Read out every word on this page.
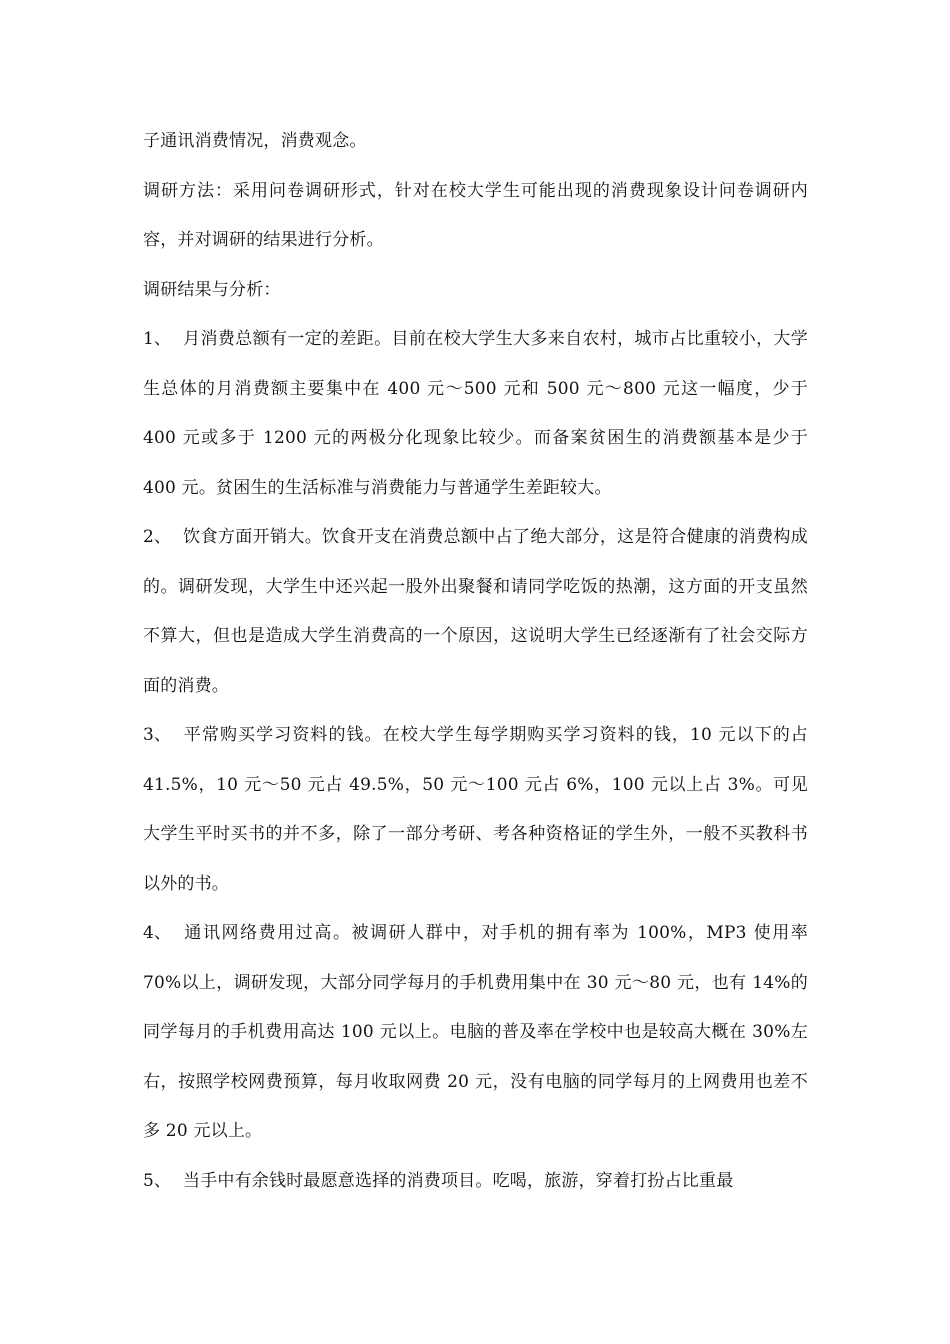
子通讯消费情况，消费观念。

调研方法：采用问卷调研形式，针对在校大学生可能出现的消费现象设计问卷调研内容，并对调研的结果进行分析。

调研结果与分析：

1、 月消费总额有一定的差距。目前在校大学生大多来自农村，城市占比重较小，大学生总体的月消费额主要集中在 400 元～500 元和 500 元～800 元这一幅度，少于 400 元或多于 1200 元的两极分化现象比较少。而备案贫困生的消费额基本是少于 400 元。贫困生的生活标准与消费能力与普通学生差距较大。

2、 饮食方面开销大。饮食开支在消费总额中占了绝大部分，这是符合健康的消费构成的。调研发现，大学生中还兴起一股外出聚餐和请同学吃饭的热潮，这方面的开支虽然不算大，但也是造成大学生消费高的一个原因，这说明大学生已经逐渐有了社会交际方面的消费。

3、 平常购买学习资料的钱。在校大学生每学期购买学习资料的钱，10 元以下的占 41.5%，10 元～50 元占 49.5%，50 元～100 元占 6%，100 元以上占 3%。可见大学生平时买书的并不多，除了一部分考研、考各种资格证的学生外，一般不买教科书以外的书。

4、 通讯网络费用过高。被调研人群中，对手机的拥有率为 100%，MP3 使用率 70%以上，调研发现，大部分同学每月的手机费用集中在 30 元～80 元，也有 14%的同学每月的手机费用高达 100 元以上。电脑的普及率在学校中也是较高大概在 30%左右，按照学校网费预算，每月收取网费 20 元，没有电脑的同学每月的上网费用也差不多 20 元以上。

5、 当手中有余钱时最愿意选择的消费项目。吃喝，旅游，穿着打扮占比重最
